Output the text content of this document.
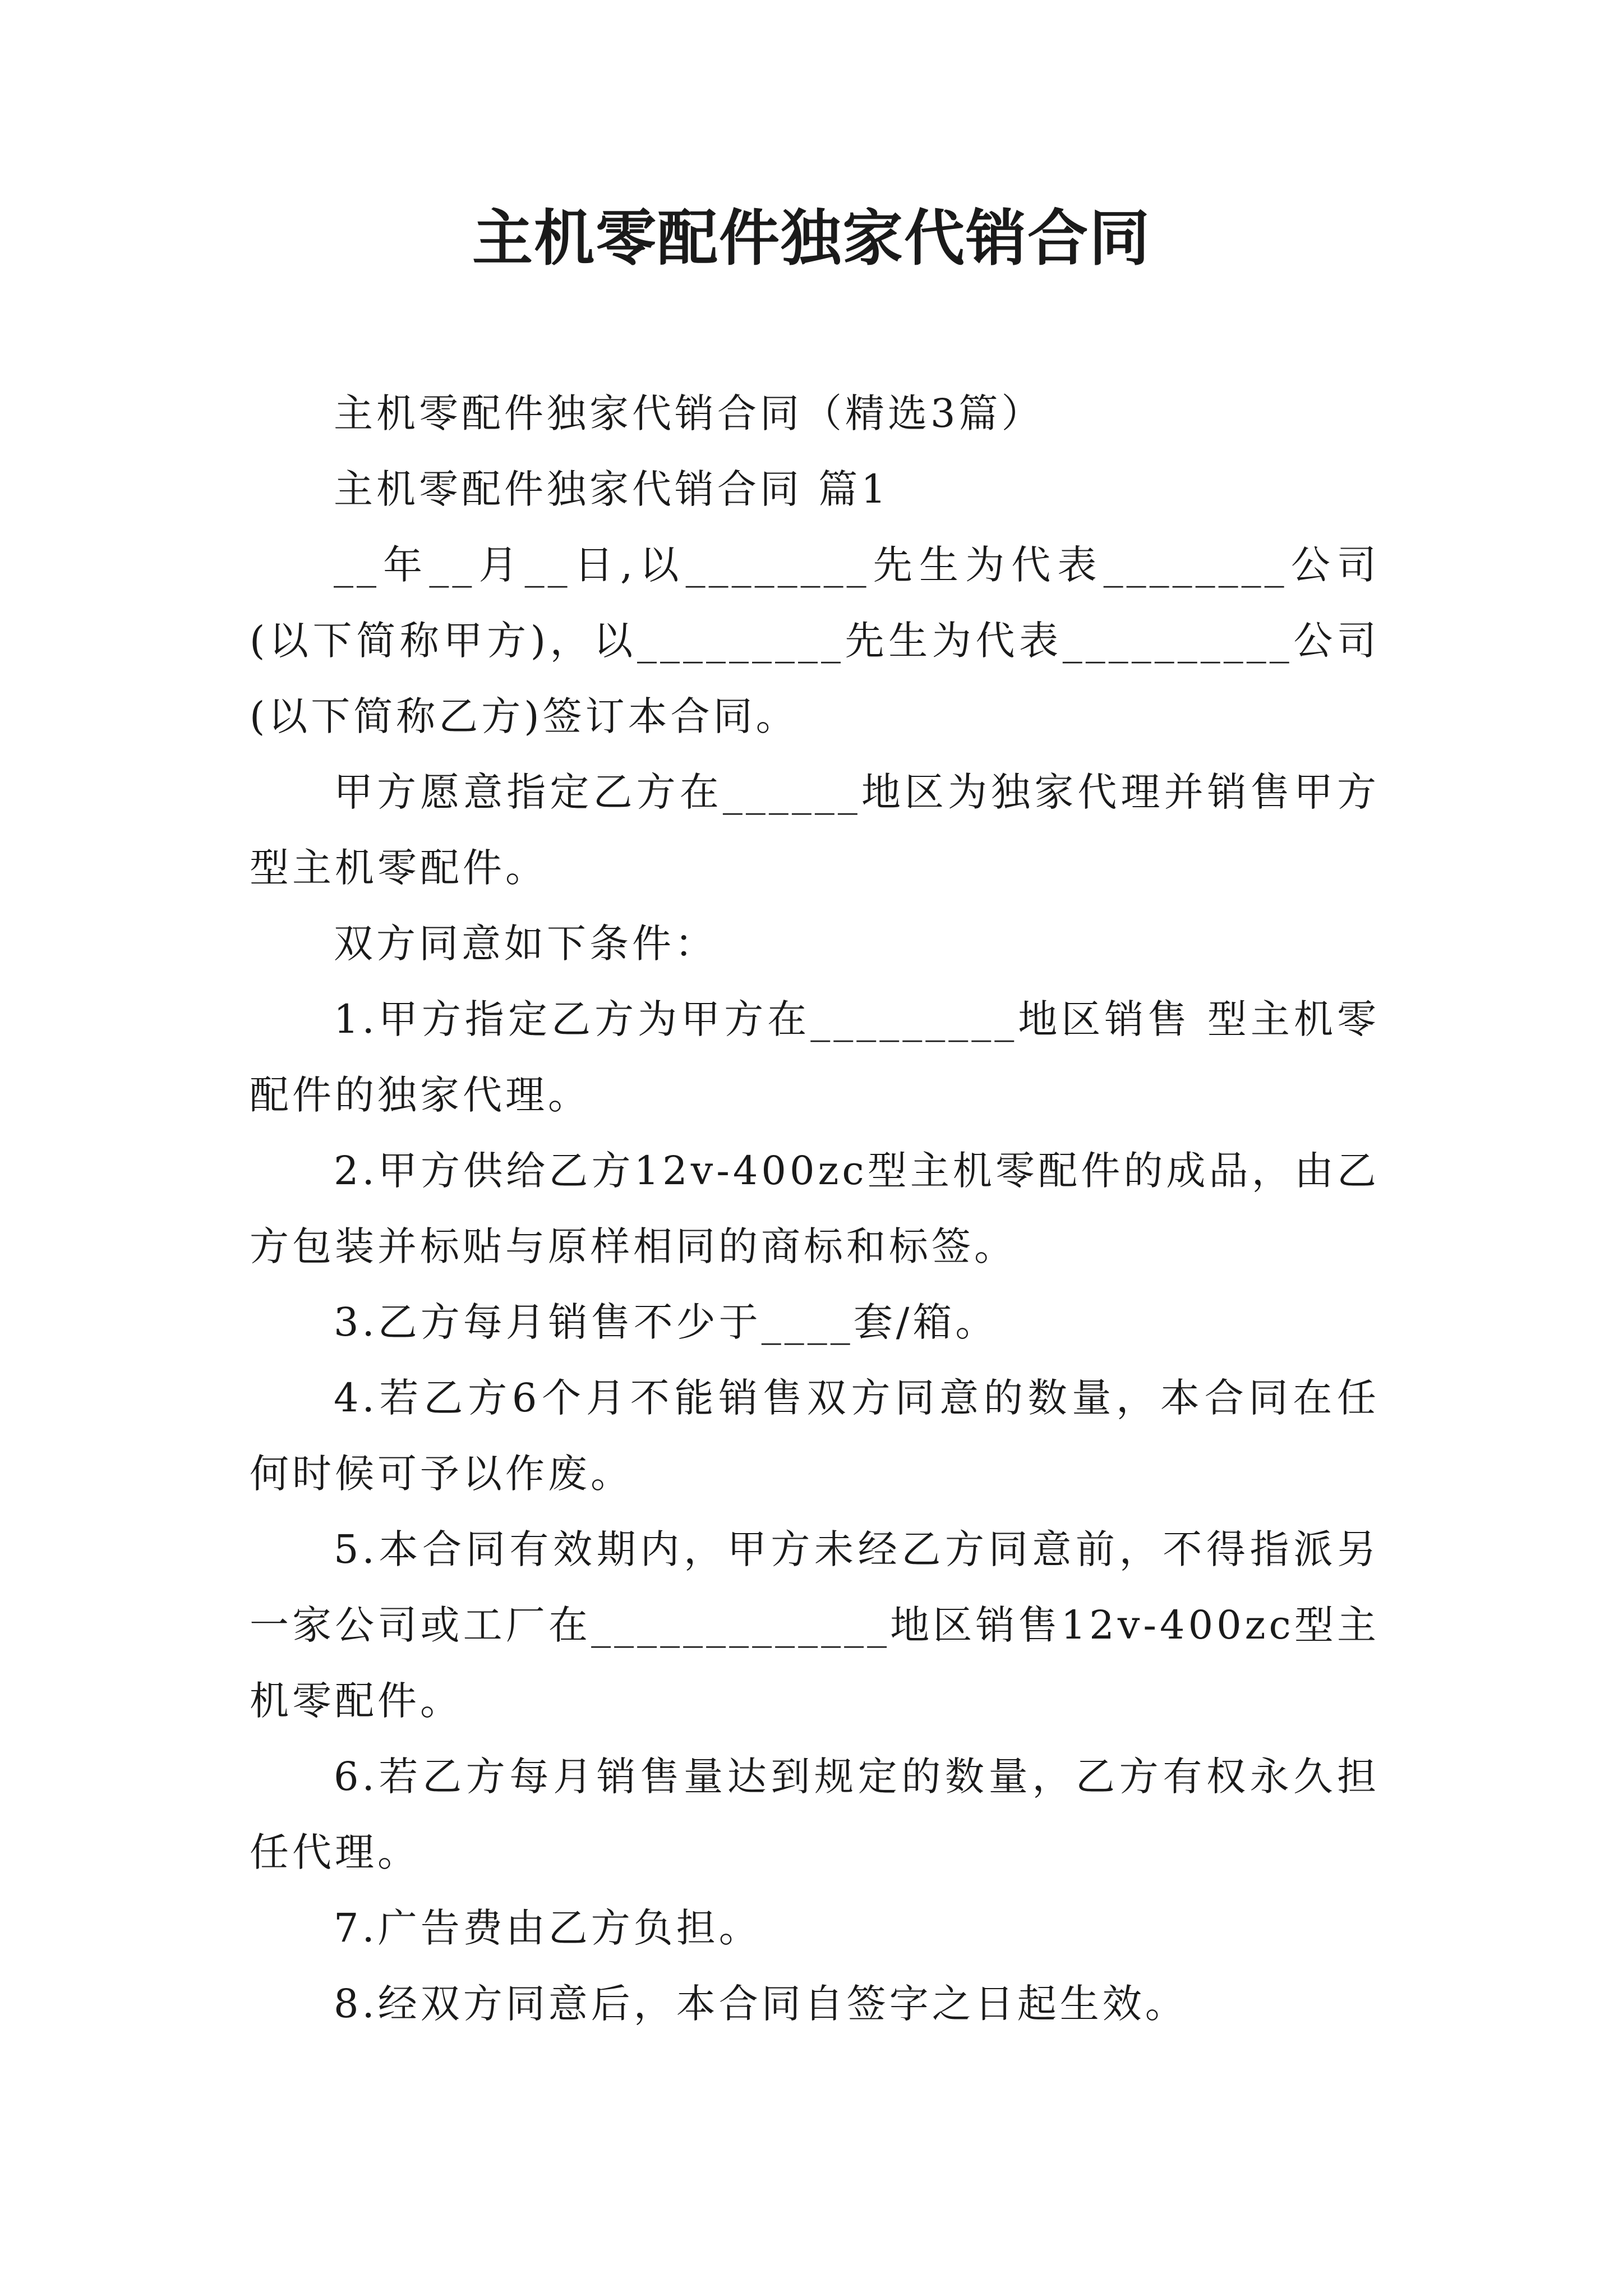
主机零配件独家代销合同

主机零配件独家代销合同（精选3篇）

主机零配件独家代销合同 篇1

__年__月__日,以________先生为代表________公司(以下简称甲方)，以_________先生为代表__________公司(以下简称乙方)签订本合同。

甲方愿意指定乙方在______地区为独家代理并销售甲方型主机零配件。

双方同意如下条件：

1.甲方指定乙方为甲方在_________地区销售 型主机零配件的独家代理。

2.甲方供给乙方12v-400zc型主机零配件的成品，由乙方包装并标贴与原样相同的商标和标签。

3.乙方每月销售不少于____套/箱。

4.若乙方6个月不能销售双方同意的数量，本合同在任何时候可予以作废。

5.本合同有效期内，甲方未经乙方同意前，不得指派另一家公司或工厂在_____________地区销售12v-400zc型主机零配件。

6.若乙方每月销售量达到规定的数量，乙方有权永久担任代理。

7.广告费由乙方负担。

8.经双方同意后，本合同自签字之日起生效。
